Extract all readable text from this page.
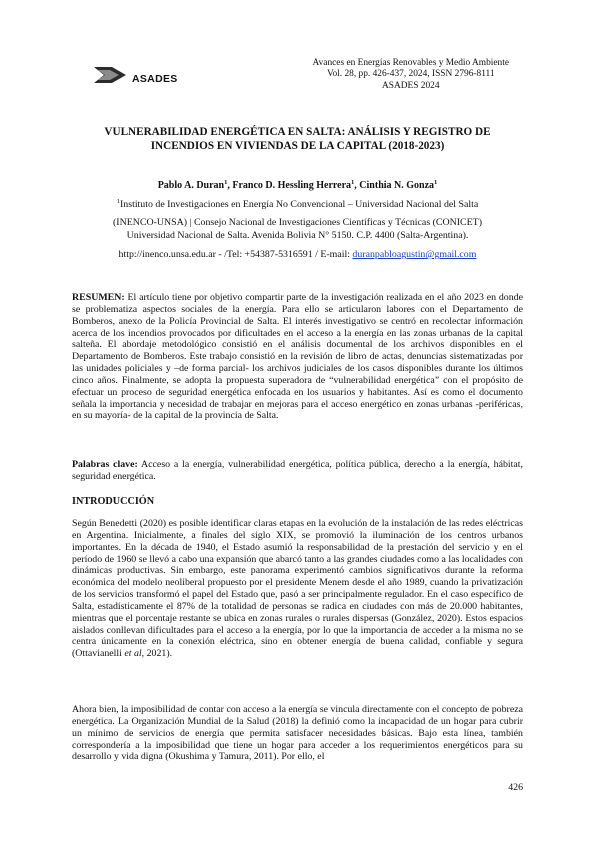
ASADES
Avances en Energías Renovables y Medio Ambiente
Vol. 28, pp. 426-437, 2024, ISSN 2796-8111
ASADES 2024
VULNERABILIDAD ENERGÉTICA EN SALTA: ANÁLISIS Y REGISTRO DE
INCENDIOS EN VIVIENDAS DE LA CAPITAL (2018-2023)
Pablo A. Duran$^1$, Franco D. Hessling Herrera$^1$, Cinthia N. Gonza$^1$

$^1$Instituto de Investigaciones en Energía No Convencional – Universidad Nacional del Salta

(INENCO-UNSA) | Consejo Nacional de Investigaciones Científicas y Técnicas (CONICET)

Universidad Nacional de Salta. Avenida Bolivia N° 5150. C.P. 4400 (Salta-Argentina).

http://inenco.unsa.edu.ar - /Tel: +54387-5316591 / E-mail: duranpabloagustin@gmail.com

RESUMEN: El artículo tiene por objetivo compartir parte de la investigación realizada en el año 2023 en donde se problematiza aspectos sociales de la energía. Para ello se articularon labores con el Departamento de Bomberos, anexo de la Policía Provincial de Salta. El interés investigativo se centró en recolectar información acerca de los incendios provocados por dificultades en el acceso a la energía en las zonas urbanas de la capital salteña. El abordaje metodológico consistió en el análisis documental de los archivos disponibles en el Departamento de Bomberos. Este trabajo consistió en la revisión de libro de actas, denuncias sistematizadas por las unidades policiales y –de forma parcial- los archivos judiciales de los casos disponibles durante los últimos cinco años. Finalmente, se adopta la propuesta superadora de “vulnerabilidad energética” con el propósito de efectuar un proceso de seguridad energética enfocada en los usuarios y habitantes. Así es como el documento señala la importancia y necesidad de trabajar en mejoras para el acceso energético en zonas urbanas -periféricas, en su mayoría- de la capital de la provincia de Salta.

Palabras clave: Acceso a la energía, vulnerabilidad energética, política pública, derecho a la energía, hábitat, seguridad energética.

INTRODUCCIÓN

Según Benedetti (2020) es posible identificar claras etapas en la evolución de la instalación de las redes eléctricas en Argentina. Inicialmente, a finales del siglo XIX, se promovió la iluminación de los centros urbanos importantes. En la década de 1940, el Estado asumió la responsabilidad de la prestación del servicio y en el período de 1960 se llevó a cabo una expansión que abarcó tanto a las grandes ciudades como a las localidades con dinámicas productivas. Sin embargo, este panorama experimentó cambios significativos durante la reforma económica del modelo neoliberal propuesto por el presidente Menem desde el año 1989, cuando la privatización de los servicios transformó el papel del Estado que, pasó a ser principalmente regulador. En el caso específico de Salta, estadísticamente el 87% de la totalidad de personas se radica en ciudades con más de 20.000 habitantes, mientras que el porcentaje restante se ubica en zonas rurales o rurales dispersas (González, 2020). Estos espacios aislados conllevan dificultades para el acceso a la energía, por lo que la importancia de acceder a la misma no se centra únicamente en la conexión eléctrica, sino en obtener energía de buena calidad, confiable y segura (Ottavianelli et al, 2021).

Ahora bien, la imposibilidad de contar con acceso a la energía se vincula directamente con el concepto de pobreza energética. La Organización Mundial de la Salud (2018) la definió como la incapacidad de un hogar para cubrir un mínimo de servicios de energía que permita satisfacer necesidades básicas. Bajo esta línea, también correspondería a la imposibilidad que tiene un hogar para acceder a los requerimientos energéticos para su desarrollo y vida digna (Okushima y Tamura, 2011). Por ello, el

426
